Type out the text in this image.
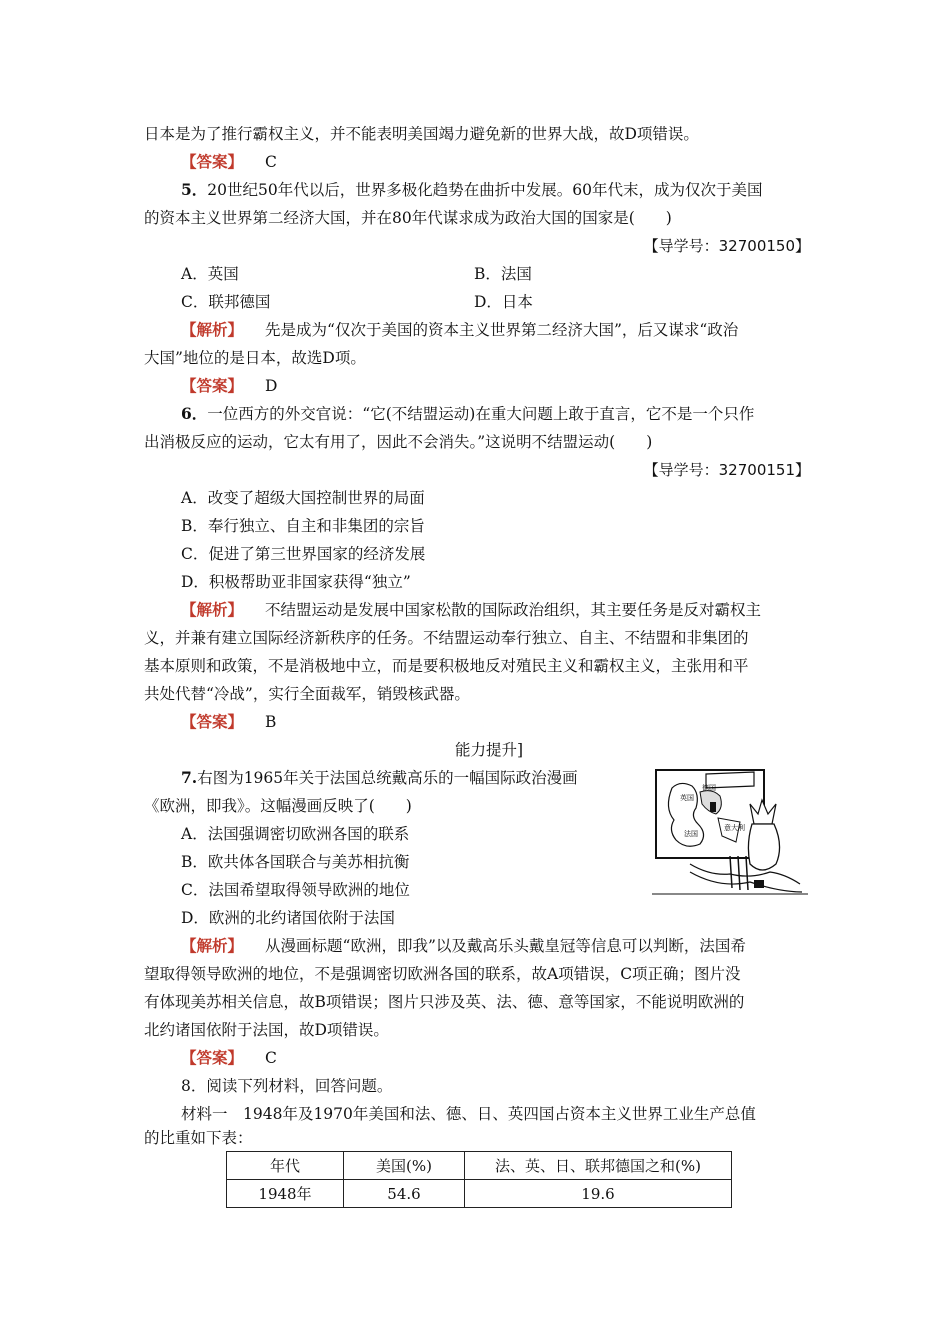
日本是为了推行霸权主义，并不能表明美国竭力避免新的世界大战，故D项错误。
【答案】 C
5．20世纪50年代以后，世界多极化趋势在曲折中发展。60年代末，成为仅次于美国
的资本主义世界第二经济大国，并在80年代谋求成为政治大国的国家是(　　)
【导学号：32700150】
A．英国	B．法国
C．联邦德国	D．日本
【解析】 先是成为“仅次于美国的资本主义世界第二经济大国”，后又谋求“政治
大国”地位的是日本，故选D项。
【答案】 D
6．一位西方的外交官说：“它(不结盟运动)在重大问题上敢于直言，它不是一个只作
出消极反应的运动，它太有用了，因此不会消失。”这说明不结盟运动(　　)
【导学号：32700151】
A．改变了超级大国控制世界的局面
B．奉行独立、自主和非集团的宗旨
C．促进了第三世界国家的经济发展
D．积极帮助亚非国家获得“独立”
【解析】 不结盟运动是发展中国家松散的国际政治组织，其主要任务是反对霸权主
义，并兼有建立国际经济新秩序的任务。不结盟运动奉行独立、自主、不结盟和非集团的
基本原则和政策，不是消极地中立，而是要积极地反对殖民主义和霸权主义，主张用和平
共处代替“冷战”，实行全面裁军，销毁核武器。
【答案】 B
能力提升]
7.右图为1965年关于法国总统戴高乐的一幅国际政治漫画
《欧洲，即我》。这幅漫画反映了(　　)
A．法国强调密切欧洲各国的联系
B．欧共体各国联合与美苏相抗衡
C．法国希望取得领导欧洲的地位
D．欧洲的北约诸国依附于法国
英国
德国
法国
意大利
【解析】 从漫画标题“欧洲，即我”以及戴高乐头戴皇冠等信息可以判断，法国希
望取得领导欧洲的地位，不是强调密切欧洲各国的联系，故A项错误，C项正确；图片没
有体现美苏相关信息，故B项错误；图片只涉及英、法、德、意等国家，不能说明欧洲的
北约诸国依附于法国，故D项错误。
【答案】 C
8．阅读下列材料，回答问题。
材料一　1948年及1970年美国和法、德、日、英四国占资本主义世界工业生产总值
的比重如下表：
年代	美国(%)	法、英、日、联邦德国之和(%)
1948年	54.6	19.6
